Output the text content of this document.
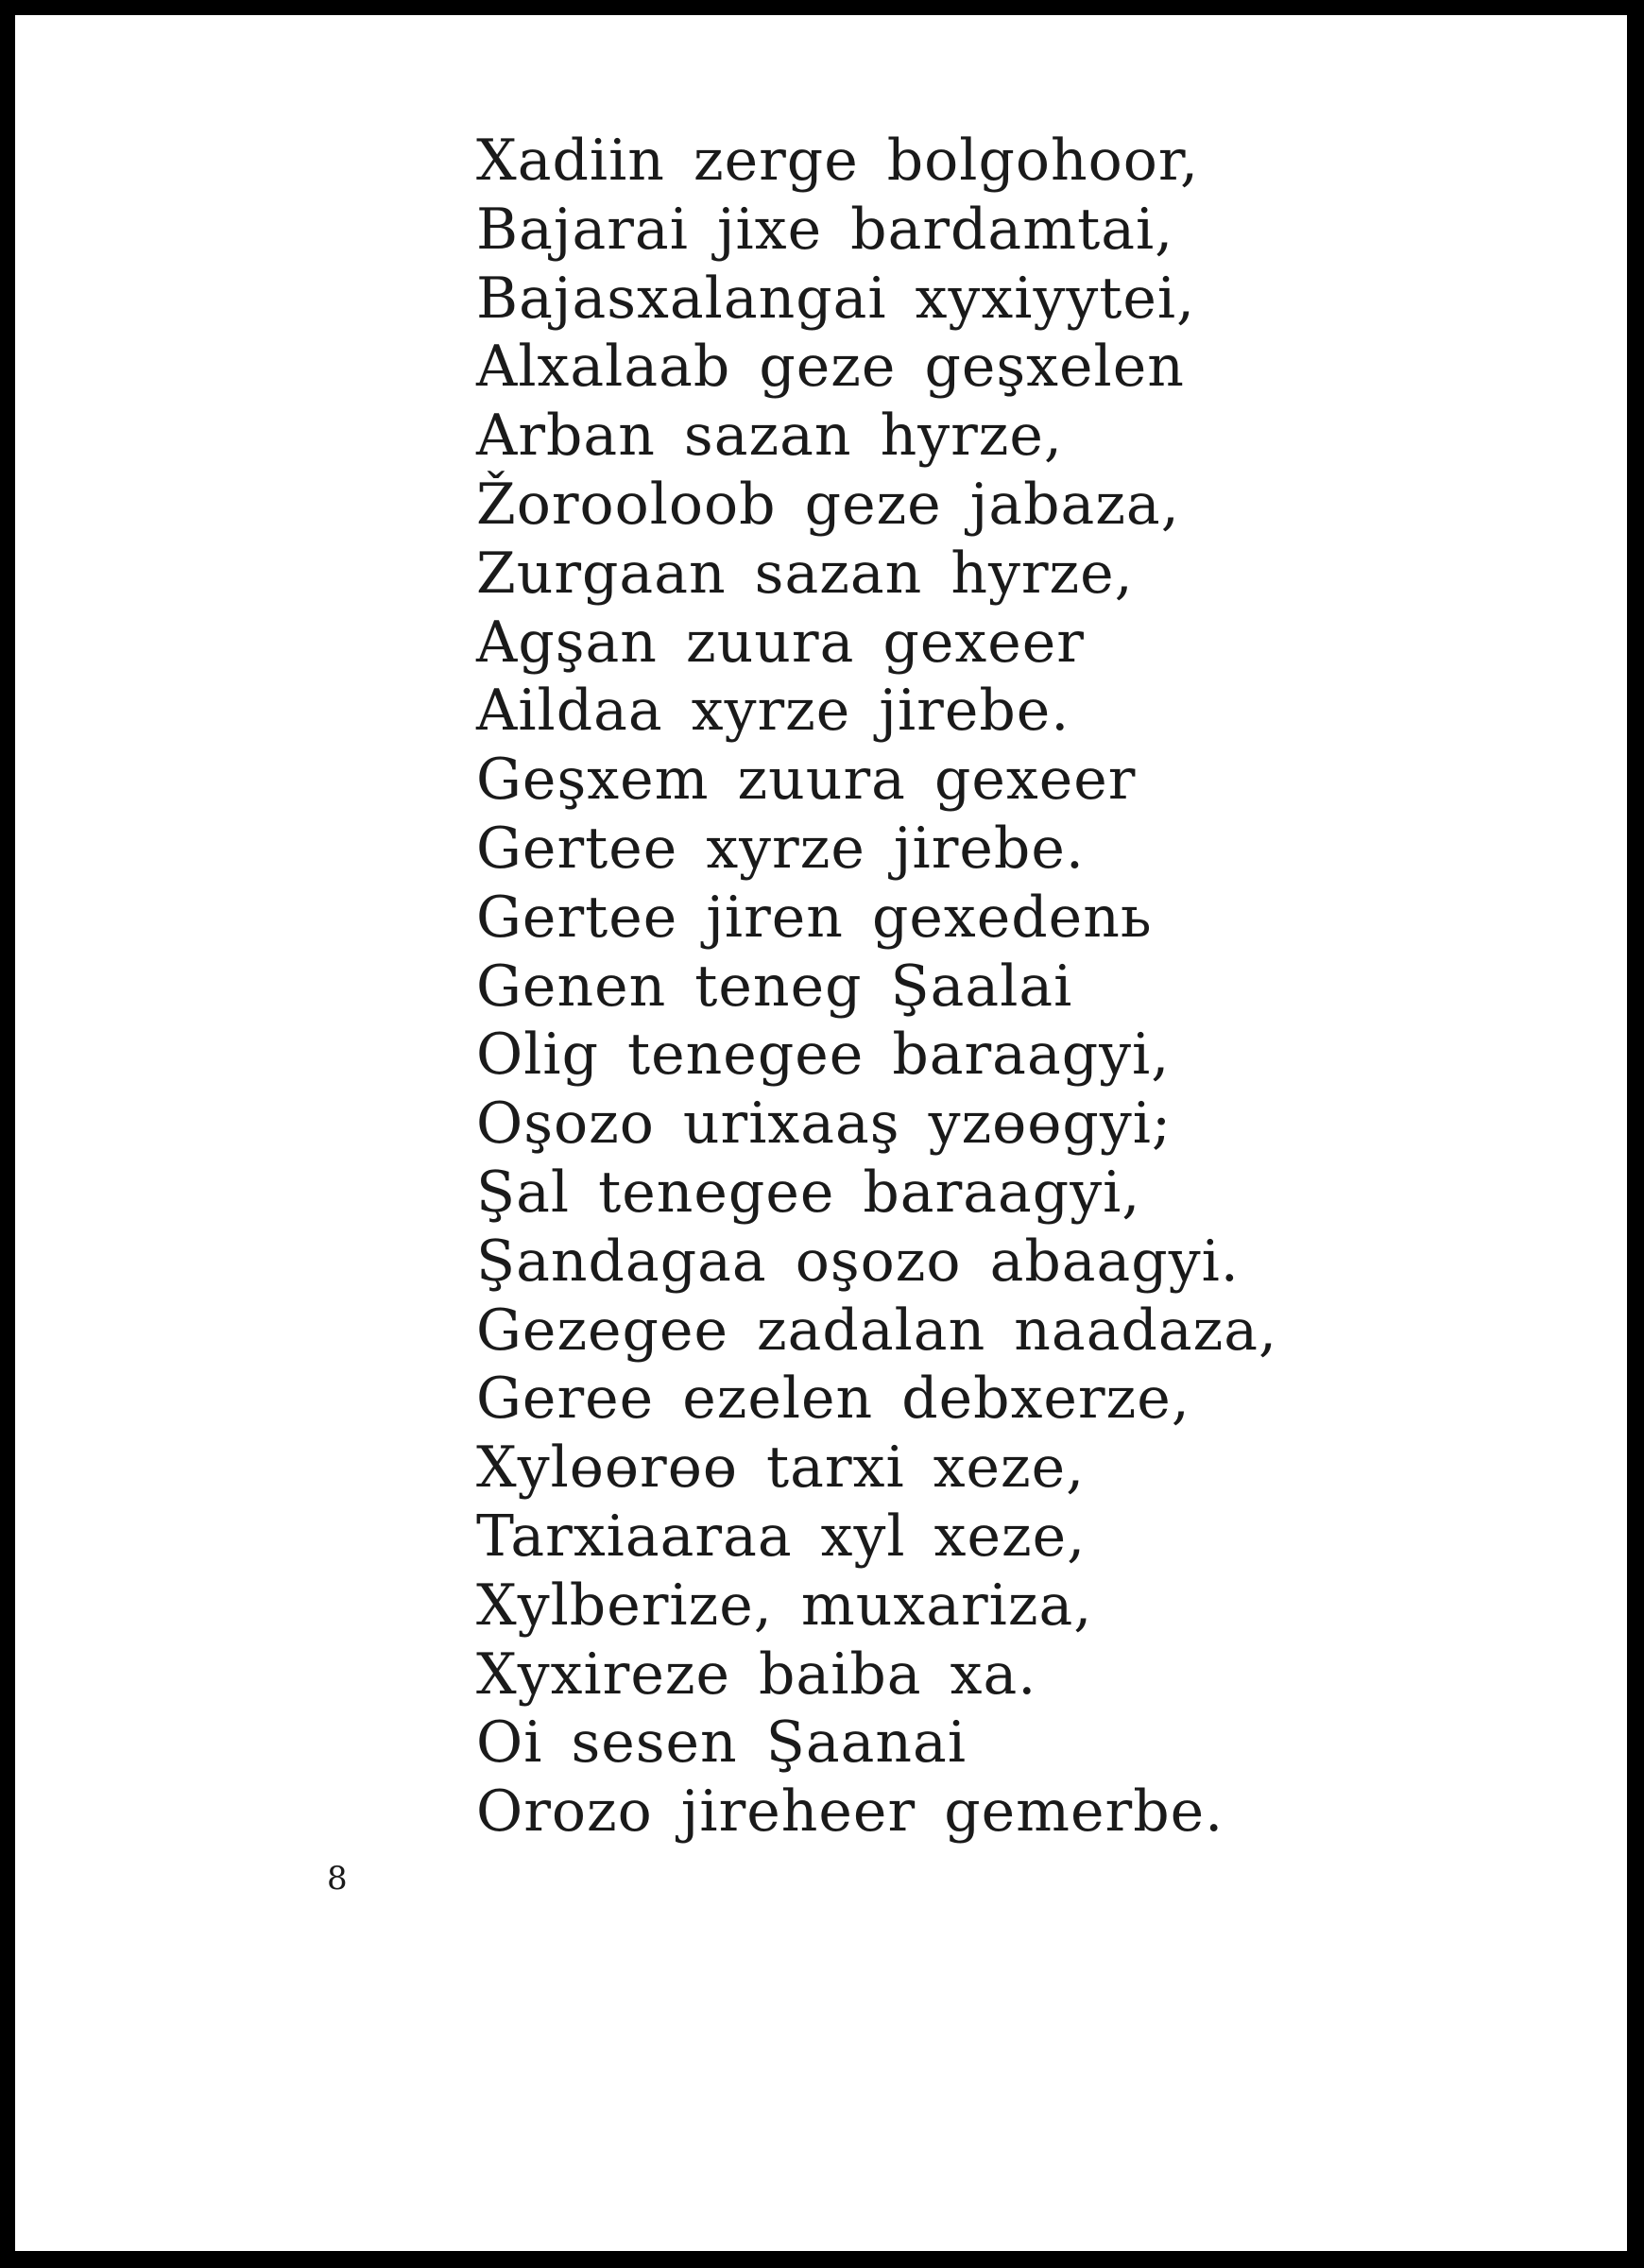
Xadiin zerge bolgohoor,
Bajarai jixe bardamtai,
Bajasxalangai xyxiyytei,
Alxalaab geze geşxelen
Arban sazan hyrze,
Žorooloob geze jabaza,
Zurgaan sazan hyrze,
Agşan zuura gexeer
Aildaa xyrze jirebe.
Geşxem zuura gexeer
Gertee xyrze jirebe.
Gertee jiren gexedenь
Genen teneg Şaalai
Olig tenegee baraagyi,
Oşozo urixaaş yzөөgyi;
Şal tenegee baraagyi,
Şandagaa oşozo abaagyi.
Gezegee zadalan naadaza,
Geree ezelen debxerze,
Xylөөrөө tarxi xeze,
Tarxiaaraa xyl xeze,
Xylberize, muxariza,
Xyxireze baiba xa.
Oi sesen Şaanai
Orozo jireheer gemerbe.
8
